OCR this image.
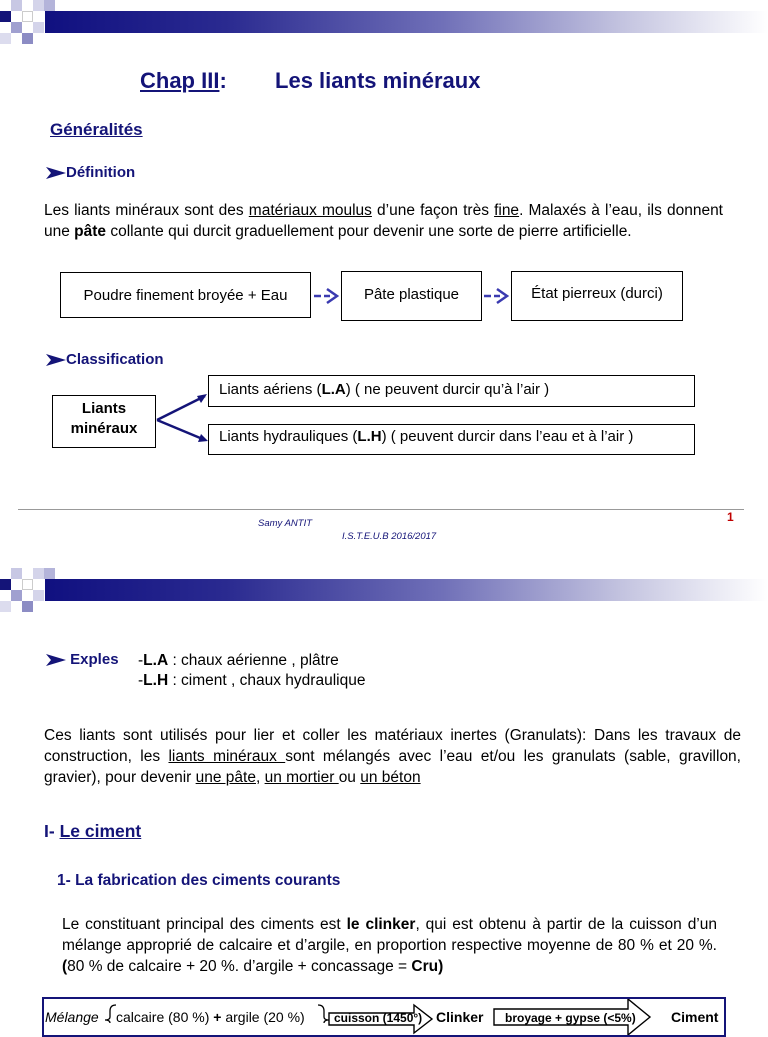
Chap III: Les liants minéraux
Généralités
Définition
Les liants minéraux sont des matériaux moulus d’une façon très fine. Malaxés à l’eau, ils donnent une pâte collante qui durcit graduellement pour devenir une sorte de pierre artificielle.
Poudre finement broyée + Eau	Pâte plastique	État pierreux (durci)
Classification
Liants minéraux
Liants aériens (L.A) ( ne peuvent durcir qu’à l’air )
Liants hydrauliques (L.H) ( peuvent durcir dans l’eau et à l’air )
1
Samy ANTIT
I.S.T.E.U.B 2016/2017
Exples -L.A : chaux aérienne , plâtre
-L.H : ciment , chaux hydraulique
Ces liants sont utilisés pour lier et coller les matériaux inertes (Granulats): Dans les travaux de construction, les liants minéraux sont mélangés avec l’eau et/ou les granulats (sable, gravillon, gravier), pour devenir une pâte, un mortier ou un béton
I- Le ciment
1- La fabrication des ciments courants
Le constituant principal des ciments est le clinker, qui est obtenu à partir de la cuisson d’un mélange approprié de calcaire et d’argile, en proportion respective moyenne de 80 % et 20 %. (80 % de calcaire + 20 %. d’argile + concassage = Cru)
Mélange calcaire (80 %) + argile (20 %) cuisson (1450°) Clinker broyage + gypse (<5%)	Ciment
